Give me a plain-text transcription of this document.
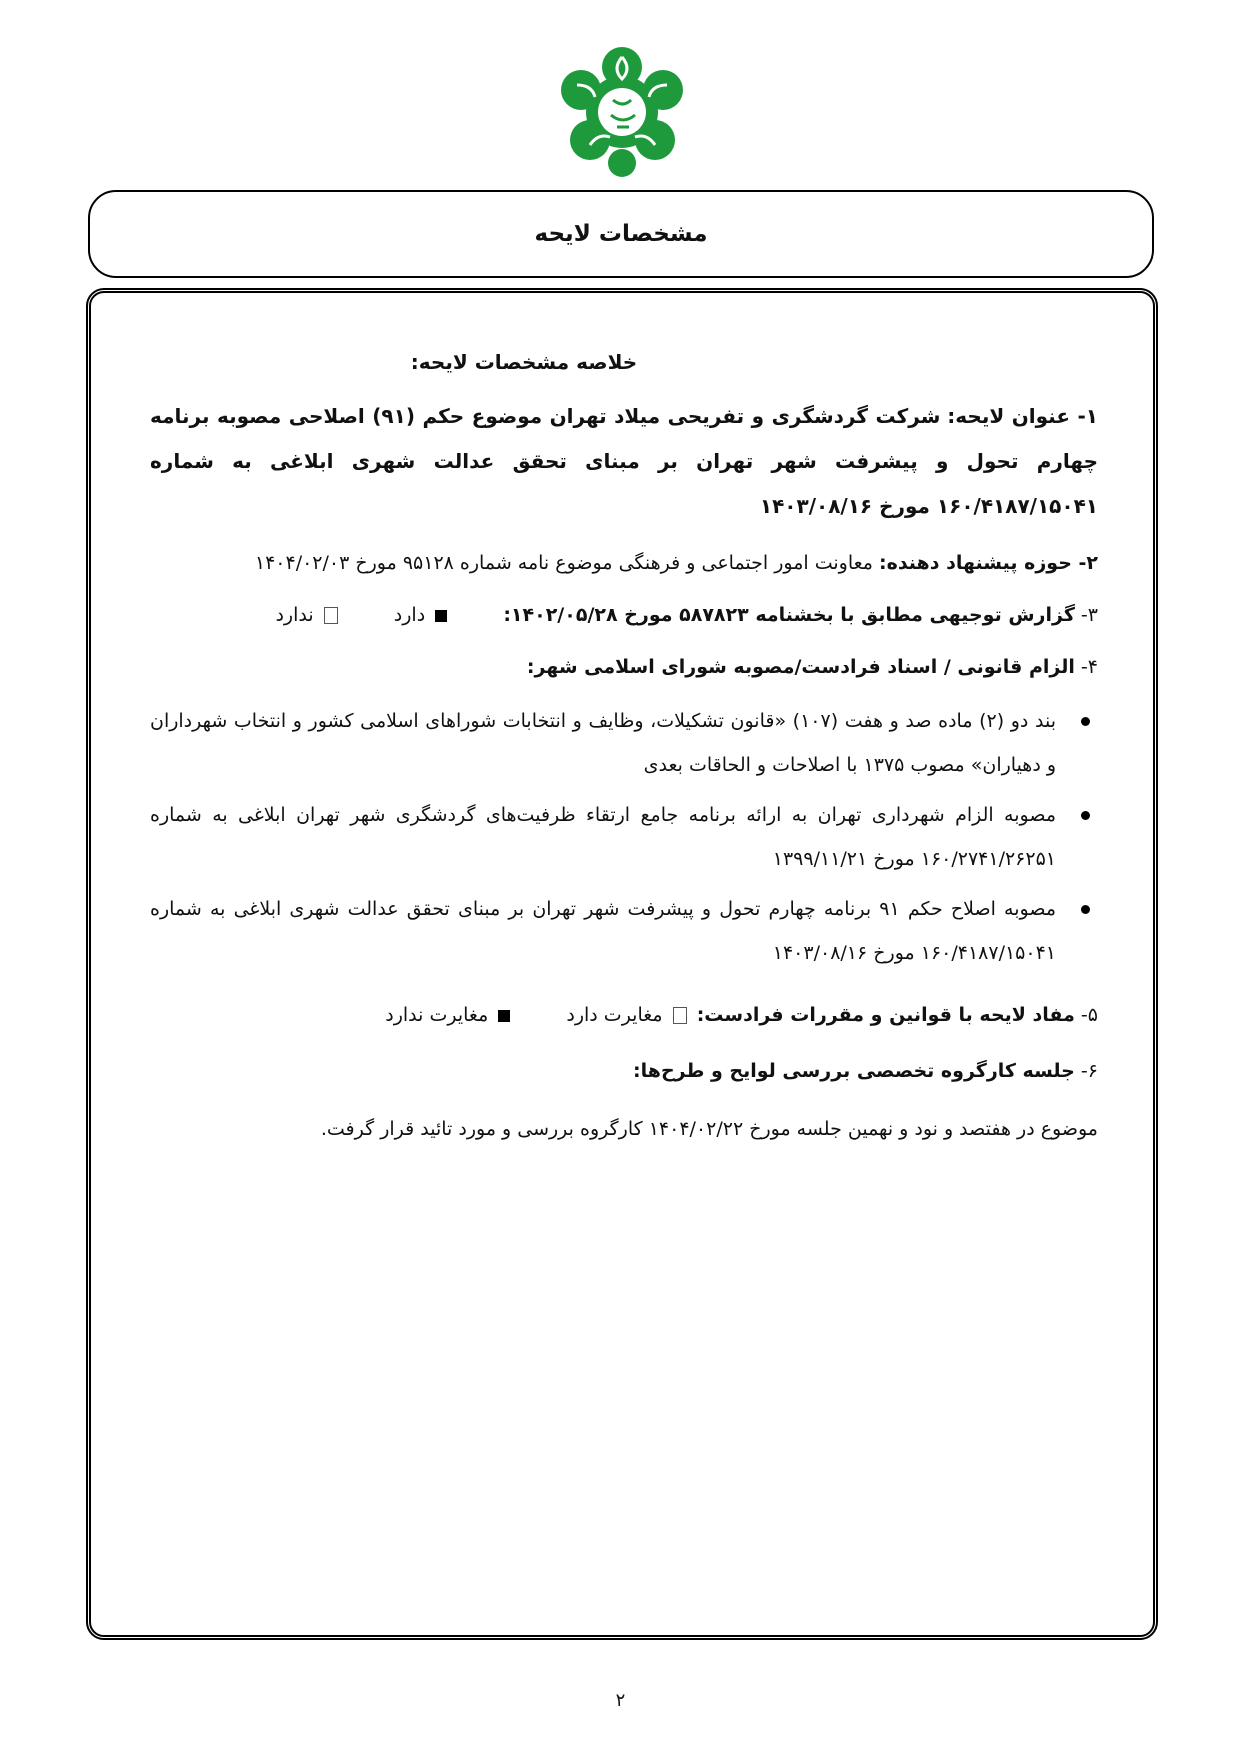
مشخصات لایحه

خلاصه مشخصات لایحه:

۱- عنوان لایحه: شرکت گردشگری و تفریحی میلاد تهران موضوع حکم (۹۱) اصلاحی مصوبه برنامه چهارم تحول و پیشرفت شهر تهران بر مبنای تحقق عدالت شهری ابلاغی به شماره ۱۶۰/۴۱۸۷/۱۵۰۴۱ مورخ ۱۴۰۳/۰۸/۱۶

۲- حوزه پیشنهاد دهنده: معاونت امور اجتماعی و فرهنگی موضوع نامه شماره ۹۵۱۲۸ مورخ ۱۴۰۴/۰۲/۰۳

۳- گزارش توجیهی مطابق با بخشنامه ۵۸۷۸۲۳ مورخ ۱۴۰۲/۰۵/۲۸:   دارد   ندارد

۴- الزام قانونی / اسناد فرادست/مصوبه شورای اسلامی شهر:

بند دو (۲) ماده صد و هفت (۱۰۷) «قانون تشکیلات، وظایف و انتخابات شوراهای اسلامی کشور و انتخاب شهرداران و دهیاران» مصوب ۱۳۷۵ با اصلاحات و الحاقات بعدی
مصوبه الزام شهرداری تهران به ارائه برنامه جامع ارتقاء ظرفیت‌های گردشگری شهر تهران ابلاغی به شماره ۱۶۰/۲۷۴۱/۲۶۲۵۱ مورخ ۱۳۹۹/۱۱/۲۱
مصوبه اصلاح حکم ۹۱ برنامه چهارم تحول و پیشرفت شهر تهران بر مبنای تحقق عدالت شهری ابلاغی به شماره ۱۶۰/۴۱۸۷/۱۵۰۴۱ مورخ ۱۴۰۳/۰۸/۱۶

۵- مفاد لایحه با قوانین و مقررات فرادست:  مغایرت دارد   مغایرت ندارد

۶- جلسه کارگروه تخصصی بررسی لوایح و طرح‌ها:

موضوع در هفتصد و نود و نهمین جلسه مورخ ۱۴۰۴/۰۲/۲۲ کارگروه بررسی و مورد تائید قرار گرفت.

۲
